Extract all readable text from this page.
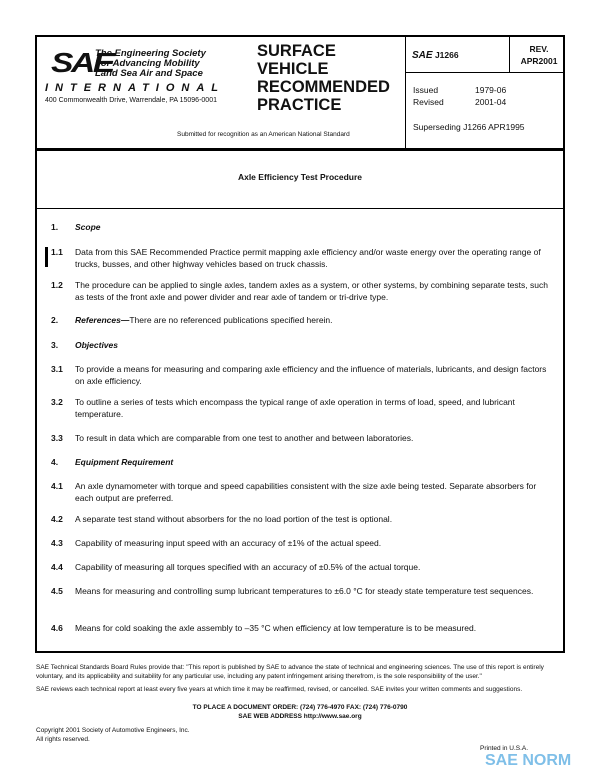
SAE
The Engineering Society
For Advancing Mobility
Land Sea Air and Space
INTERNATIONAL
400 Commonwealth Drive, Warrendale, PA 15096-0001
SURFACE
VEHICLE
RECOMMENDED
PRACTICE
Submitted for recognition as an American National Standard
SAE J1266
REV.
APR2001
Issued	1979-06
Revised	2001-04
Superseding J1266 APR1995
Axle Efficiency Test Procedure
1.	Scope
1.1	Data from this SAE Recommended Practice permit mapping axle efficiency and/or waste energy over the operating range of trucks, busses, and other highway vehicles based on truck chassis.
1.2	The procedure can be applied to single axles, tandem axles as a system, or other systems, by combining separate tests, such as tests of the front axle and power divider and rear axle of tandem or tri-drive type.
2.	References—There are no referenced publications specified herein.
3.	Objectives
3.1	To provide a means for measuring and comparing axle efficiency and the influence of materials, lubricants, and design factors on axle efficiency.
3.2	To outline a series of tests which encompass the typical range of axle operation in terms of load, speed, and lubricant temperature.
3.3	To result in data which are comparable from one test to another and between laboratories.
4.	Equipment Requirement
4.1	An axle dynamometer with torque and speed capabilities consistent with the size axle being tested. Separate absorbers for each output are preferred.
4.2	A separate test stand without absorbers for the no load portion of the test is optional.
4.3	Capability of measuring input speed with an accuracy of ±1% of the actual speed.
4.4	Capability of measuring all torques specified with an accuracy of ±0.5% of the actual torque.
4.5	Means for measuring and controlling sump lubricant temperatures to ±6.0 °C for steady state temperature test sequences.
4.6	Means for cold soaking the axle assembly to –35 °C when efficiency at low temperature is to be measured.
SAE Technical Standards Board Rules provide that: "This report is published by SAE to advance the state of technical and engineering sciences. The use of this report is entirely voluntary, and its applicability and suitability for any particular use, including any patent infringement arising therefrom, is the sole responsibility of the user."
SAE reviews each technical report at least every five years at which time it may be reaffirmed, revised, or cancelled. SAE invites your written comments and suggestions.
TO PLACE A DOCUMENT ORDER: (724) 776-4970 FAX: (724) 776-0790
SAE WEB ADDRESS http://www.sae.org
Copyright 2001 Society of Automotive Engineers, Inc.
All rights reserved.
Printed in U.S.A.
SAE NORM
